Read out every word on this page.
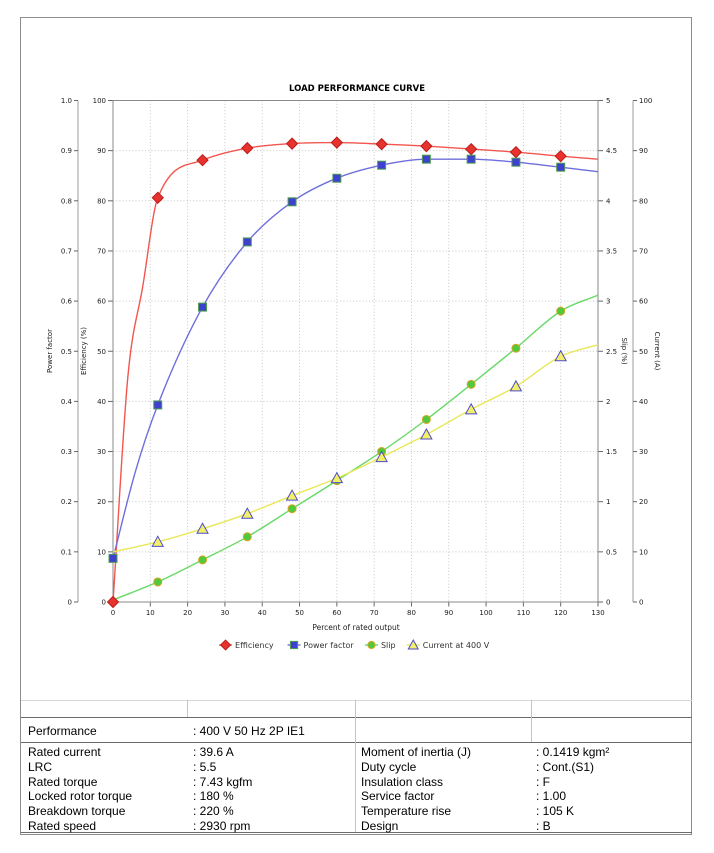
LOAD PERFORMANCE CURVE
Percent of rated output
0	10	20	30	40	50	60	70	80	90	100	110	120	130
0
0.1
0.2
0.3
0.4
0.5
0.6
0.7
0.8
0.9
1.0
0
10
20
30
40
50
60
70
80
90
100
0
0.5
1
1.5
2
2.5
3
3.5
4
4.5
5
0
10
20
30
40
50
60
70
80
90
100
Power factor	Efficiency (%)	Slip (%)	Current (A)
Efficiency	Power factor	Slip	Current at 400 V
Performance	: 400 V 50 Hz 2P IE1
Rated current	: 39.6 A
LRC	: 5.5
Rated torque	: 7.43 kgfm
Locked rotor torque	: 180 %
Breakdown torque	: 220 %
Rated speed	: 2930 rpm
Moment of inertia (J)	: 0.1419 kgm²
Duty cycle	: Cont.(S1)
Insulation class	: F
Service factor	: 1.00
Temperature rise	: 105 K
Design	: B
